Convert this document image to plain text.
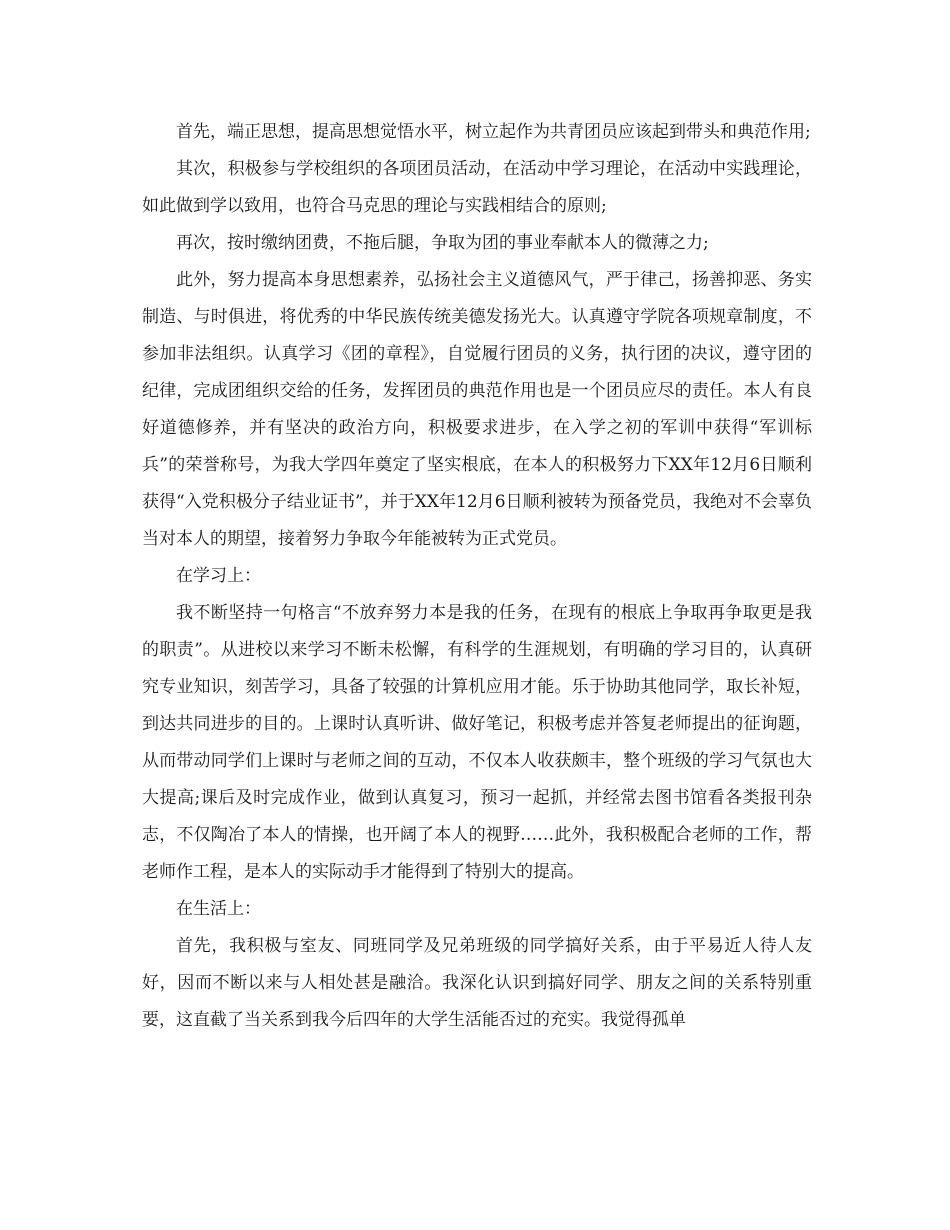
首先，端正思想，提高思想觉悟水平，树立起作为共青团员应该起到带头和典范作用;

其次，积极参与学校组织的各项团员活动，在活动中学习理论，在活动中实践理论，如此做到学以致用，也符合马克思的理论与实践相结合的原则;

再次，按时缴纳团费，不拖后腿，争取为团的事业奉献本人的微薄之力;

此外，努力提高本身思想素养，弘扬社会主义道德风气，严于律己，扬善抑恶、务实制造、与时俱进，将优秀的中华民族传统美德发扬光大。认真遵守学院各项规章制度，不参加非法组织。认真学习《团的章程》，自觉履行团员的义务，执行团的决议，遵守团的纪律，完成团组织交给的任务，发挥团员的典范作用也是一个团员应尽的责任。本人有良好道德修养，并有坚决的政治方向，积极要求进步，在入学之初的军训中获得“军训标兵”的荣誉称号，为我大学四年奠定了坚实根底，在本人的积极努力下XX年12月6日顺利获得“入党积极分子结业证书”，并于XX年12月6日顺利被转为预备党员，我绝对不会辜负当对本人的期望，接着努力争取今年能被转为正式党员。

在学习上：

我不断坚持一句格言“不放弃努力本是我的任务，在现有的根底上争取再争取更是我的职责”。从进校以来学习不断未松懈，有科学的生涯规划，有明确的学习目的，认真研究专业知识，刻苦学习，具备了较强的计算机应用才能。乐于协助其他同学，取长补短，到达共同进步的目的。上课时认真听讲、做好笔记，积极考虑并答复老师提出的征询题，从而带动同学们上课时与老师之间的互动，不仅本人收获颇丰，整个班级的学习气氛也大大提高;课后及时完成作业，做到认真复习，预习一起抓，并经常去图书馆看各类报刊杂志，不仅陶冶了本人的情操，也开阔了本人的视野……此外，我积极配合老师的工作，帮老师作工程，是本人的实际动手才能得到了特别大的提高。

在生活上：

首先，我积极与室友、同班同学及兄弟班级的同学搞好关系，由于平易近人待人友好，因而不断以来与人相处甚是融洽。我深化认识到搞好同学、朋友之间的关系特别重要，这直截了当关系到我今后四年的大学生活能否过的充实。我觉得孤单
